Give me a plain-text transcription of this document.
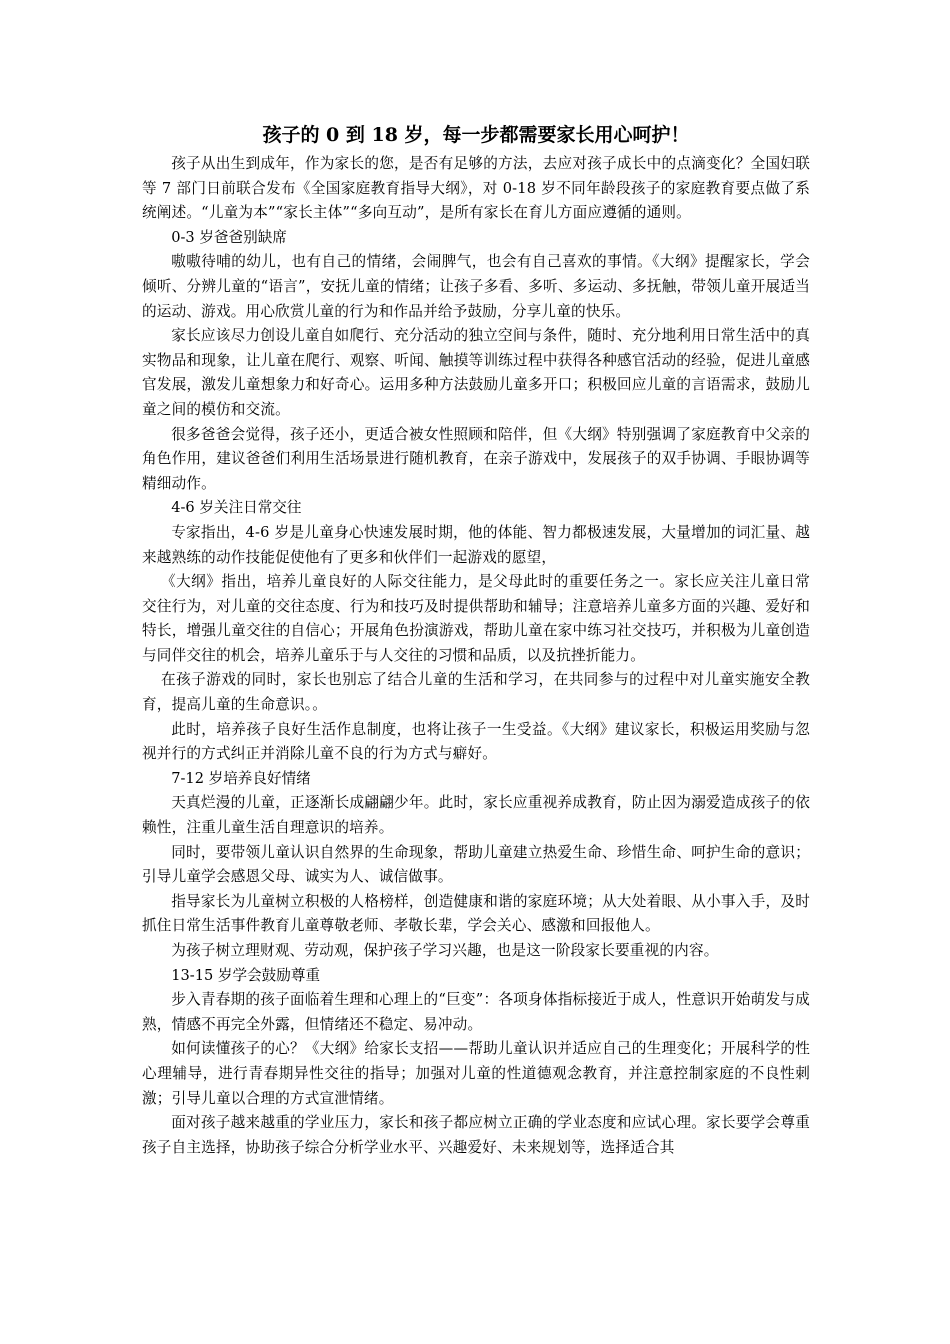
孩子的 0 到 18 岁，每一步都需要家长用心呵护！

孩子从出生到成年，作为家长的您，是否有足够的方法，去应对孩子成长中的点滴变化？全国妇联等 7 部门日前联合发布《全国家庭教育指导大纲》，对 0-18 岁不同年龄段孩子的家庭教育要点做了系统阐述。“儿童为本”“家长主体”“多向互动”，是所有家长在育儿方面应遵循的通则。

0-3 岁爸爸别缺席

嗷嗷待哺的幼儿，也有自己的情绪，会闹脾气，也会有自己喜欢的事情。《大纲》提醒家长，学会倾听、分辨儿童的“语言”，安抚儿童的情绪；让孩子多看、多听、多运动、多抚触，带领儿童开展适当的运动、游戏。用心欣赏儿童的行为和作品并给予鼓励，分享儿童的快乐。

家长应该尽力创设儿童自如爬行、充分活动的独立空间与条件，随时、充分地利用日常生活中的真实物品和现象，让儿童在爬行、观察、听闻、触摸等训练过程中获得各种感官活动的经验，促进儿童感官发展，激发儿童想象力和好奇心。运用多种方法鼓励儿童多开口；积极回应儿童的言语需求，鼓励儿童之间的模仿和交流。

很多爸爸会觉得，孩子还小，更适合被女性照顾和陪伴，但《大纲》特别强调了家庭教育中父亲的角色作用，建议爸爸们利用生活场景进行随机教育，在亲子游戏中，发展孩子的双手协调、手眼协调等精细动作。

4-6 岁关注日常交往

专家指出，4-6 岁是儿童身心快速发展时期，他的体能、智力都极速发展，大量增加的词汇量、越来越熟练的动作技能促使他有了更多和伙伴们一起游戏的愿望，

《大纲》指出，培养儿童良好的人际交往能力，是父母此时的重要任务之一。家长应关注儿童日常交往行为，对儿童的交往态度、行为和技巧及时提供帮助和辅导；注意培养儿童多方面的兴趣、爱好和特长，增强儿童交往的自信心；开展角色扮演游戏，帮助儿童在家中练习社交技巧，并积极为儿童创造与同伴交往的机会，培养儿童乐于与人交往的习惯和品质，以及抗挫折能力。

在孩子游戏的同时，家长也别忘了结合儿童的生活和学习，在共同参与的过程中对儿童实施安全教育，提高儿童的生命意识。。

此时，培养孩子良好生活作息制度，也将让孩子一生受益。《大纲》建议家长，积极运用奖励与忽视并行的方式纠正并消除儿童不良的行为方式与癖好。

7-12 岁培养良好情绪

天真烂漫的儿童，正逐渐长成翩翩少年。此时，家长应重视养成教育，防止因为溺爱造成孩子的依赖性，注重儿童生活自理意识的培养。

同时，要带领儿童认识自然界的生命现象，帮助儿童建立热爱生命、珍惜生命、呵护生命的意识；引导儿童学会感恩父母、诚实为人、诚信做事。

指导家长为儿童树立积极的人格榜样，创造健康和谐的家庭环境；从大处着眼、从小事入手，及时抓住日常生活事件教育儿童尊敬老师、孝敬长辈，学会关心、感激和回报他人。

为孩子树立理财观、劳动观，保护孩子学习兴趣，也是这一阶段家长要重视的内容。

13-15 岁学会鼓励尊重

步入青春期的孩子面临着生理和心理上的“巨变”：各项身体指标接近于成人，性意识开始萌发与成熟，情感不再完全外露，但情绪还不稳定、易冲动。

如何读懂孩子的心？《大纲》给家长支招——帮助儿童认识并适应自己的生理变化；开展科学的性心理辅导，进行青春期异性交往的指导；加强对儿童的性道德观念教育，并注意控制家庭的不良性刺激；引导儿童以合理的方式宣泄情绪。

面对孩子越来越重的学业压力，家长和孩子都应树立正确的学业态度和应试心理。家长要学会尊重孩子自主选择，协助孩子综合分析学业水平、兴趣爱好、未来规划等，选择适合其
